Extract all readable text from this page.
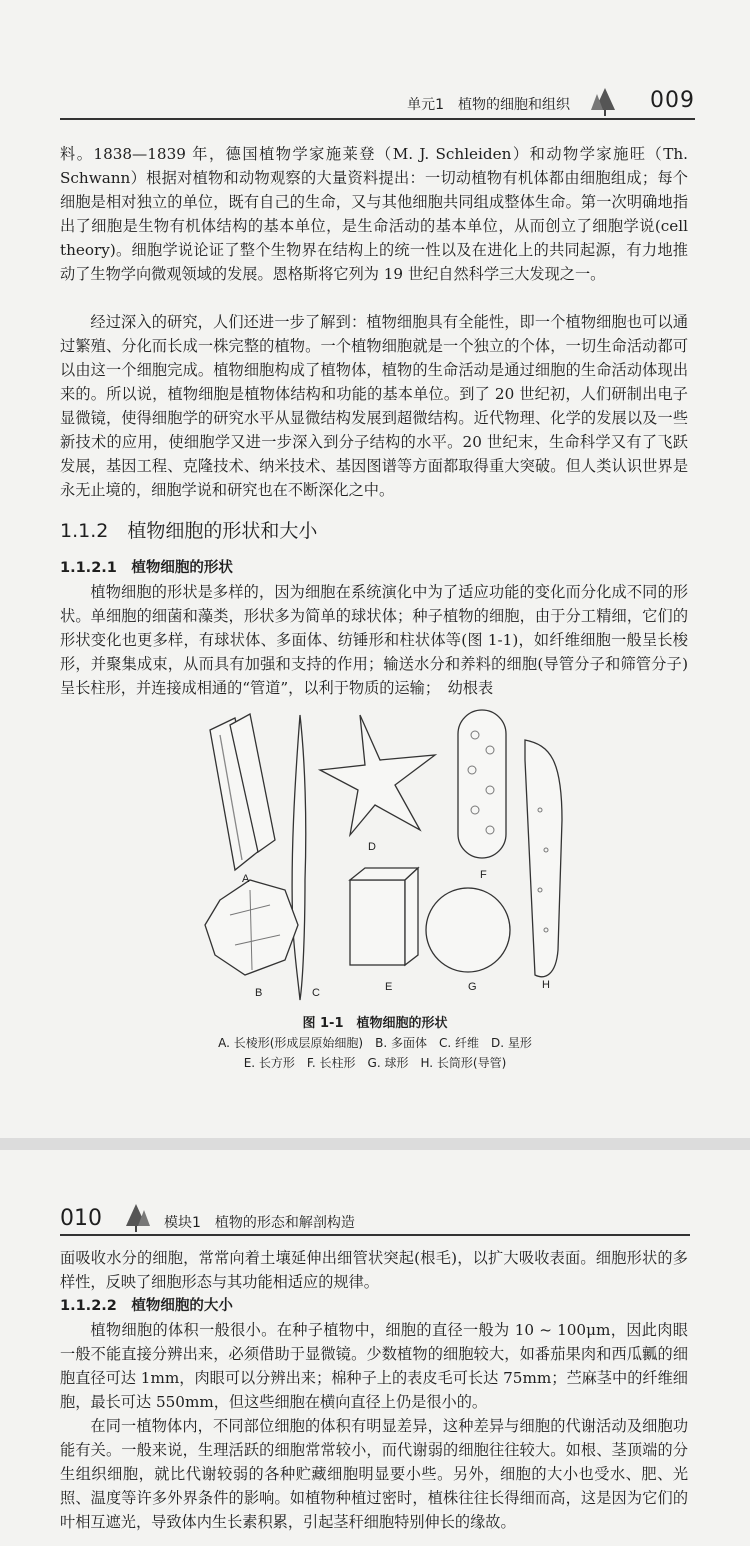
单元1　植物的细胞和组织	009

料。1838—1839 年，德国植物学家施莱登（M. J. Schleiden）和动物学家施旺（Th. Schwann）根据对植物和动物观察的大量资料提出：一切动植物有机体都由细胞组成；每个细胞是相对独立的单位，既有自己的生命，又与其他细胞共同组成整体生命。第一次明确地指出了细胞是生物有机体结构的基本单位，是生命活动的基本单位，从而创立了细胞学说(cell theory)。细胞学说论证了整个生物界在结构上的统一性以及在进化上的共同起源，有力地推动了生物学向微观领域的发展。恩格斯将它列为 19 世纪自然科学三大发现之一。

经过深入的研究，人们还进一步了解到：植物细胞具有全能性，即一个植物细胞也可以通过繁殖、分化而长成一株完整的植物。一个植物细胞就是一个独立的个体，一切生命活动都可以由这一个细胞完成。植物细胞构成了植物体，植物的生命活动是通过细胞的生命活动体现出来的。所以说，植物细胞是植物体结构和功能的基本单位。到了 20 世纪初，人们研制出电子显微镜，使得细胞学的研究水平从显微结构发展到超微结构。近代物理、化学的发展以及一些新技术的应用，使细胞学又进一步深入到分子结构的水平。20 世纪末，生命科学又有了飞跃发展，基因工程、克隆技术、纳米技术、基因图谱等方面都取得重大突破。但人类认识世界是永无止境的，细胞学说和研究也在不断深化之中。

1.1.2　植物细胞的形状和大小

1.1.2.1　植物细胞的形状

植物细胞的形状是多样的，因为细胞在系统演化中为了适应功能的变化而分化成不同的形状。单细胞的细菌和藻类，形状多为简单的球状体；种子植物的细胞，由于分工精细，它们的形状变化也更多样，有球状体、多面体、纺锤形和柱状体等(图 1-1)，如纤维细胞一般呈长梭形，并聚集成束，从而具有加强和支持的作用；输送水分和养料的细胞(导管分子和筛管分子)呈长柱形，并连接成相通的“管道”，以利于物质的运输；　幼根表

A
B	C
D
E
F
G	H
图 1-1　植物细胞的形状
A. 长棱形(形成层原始细胞)　B. 多面体　C. 纤维　D. 星形
E. 长方形　F. 长柱形　G. 球形　H. 长筒形(导管)
010	模块1　植物的形态和解剖构造

面吸收水分的细胞，常常向着土壤延伸出细管状突起(根毛)，以扩大吸收表面。细胞形状的多样性，反映了细胞形态与其功能相适应的规律。

1.1.2.2　植物细胞的大小

植物细胞的体积一般很小。在种子植物中，细胞的直径一般为 10 ~ 100μm，因此肉眼一般不能直接分辨出来，必须借助于显微镜。少数植物的细胞较大，如番茄果肉和西瓜瓤的细胞直径可达 1mm，肉眼可以分辨出来；棉种子上的表皮毛可长达 75mm；苎麻茎中的纤维细胞，最长可达 550mm，但这些细胞在横向直径上仍是很小的。

在同一植物体内，不同部位细胞的体积有明显差异，这种差异与细胞的代谢活动及细胞功能有关。一般来说，生理活跃的细胞常常较小，而代谢弱的细胞往往较大。如根、茎顶端的分生组织细胞，就比代谢较弱的各种贮藏细胞明显要小些。另外，细胞的大小也受水、肥、光照、温度等许多外界条件的影响。如植物种植过密时，植株往往长得细而高，这是因为它们的叶相互遮光，导致体内生长素积累，引起茎秆细胞特别伸长的缘故。
